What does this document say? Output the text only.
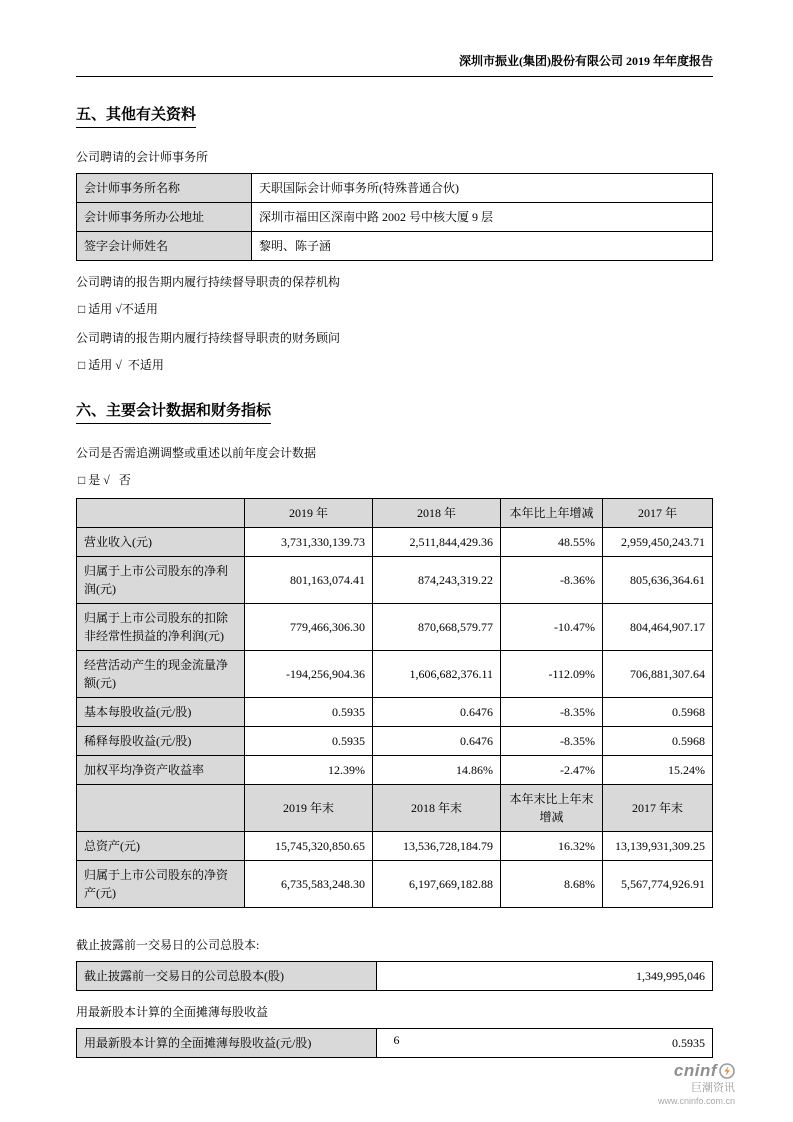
深圳市振业(集团)股份有限公司 2019 年年度报告
五、其他有关资料

公司聘请的会计师事务所

会计师事务所名称	天职国际会计师事务所(特殊普通合伙)
会计师事务所办公地址	深圳市福田区深南中路 2002 号中核大厦 9 层
签字会计师姓名	黎明、陈子涵

公司聘请的报告期内履行持续督导职责的保荐机构

□ 适用 √不适用

公司聘请的报告期内履行持续督导职责的财务顾问

□ 适用 √  不适用

六、主要会计数据和财务指标

公司是否需追溯调整或重述以前年度会计数据

□ 是 √   否

	2019 年	2018 年	本年比上年增减	2017 年
营业收入(元)	3,731,330,139.73	2,511,844,429.36	48.55%	2,959,450,243.71
归属于上市公司股东的净利润(元)	801,163,074.41	874,243,319.22	-8.36%	805,636,364.61
归属于上市公司股东的扣除非经常性损益的净利润(元)	779,466,306.30	870,668,579.77	-10.47%	804,464,907.17
经营活动产生的现金流量净额(元)	-194,256,904.36	1,606,682,376.11	-112.09%	706,881,307.64
基本每股收益(元/股)	0.5935	0.6476	-8.35%	0.5968
稀释每股收益(元/股)	0.5935	0.6476	-8.35%	0.5968
加权平均净资产收益率	12.39%	14.86%	-2.47%	15.24%
	2019 年末	2018 年末	本年末比上年末增减	2017 年末
总资产(元)	15,745,320,850.65	13,536,728,184.79	16.32%	13,139,931,309.25
归属于上市公司股东的净资产(元)	6,735,583,248.30	6,197,669,182.88	8.68%	5,567,774,926.91

截止披露前一交易日的公司总股本:

截止披露前一交易日的公司总股本(股)	1,349,995,046

用最新股本计算的全面摊薄每股收益

用最新股本计算的全面摊薄每股收益(元/股)	0.5935
6
cninf
巨潮资讯
www.cninfo.com.cn
